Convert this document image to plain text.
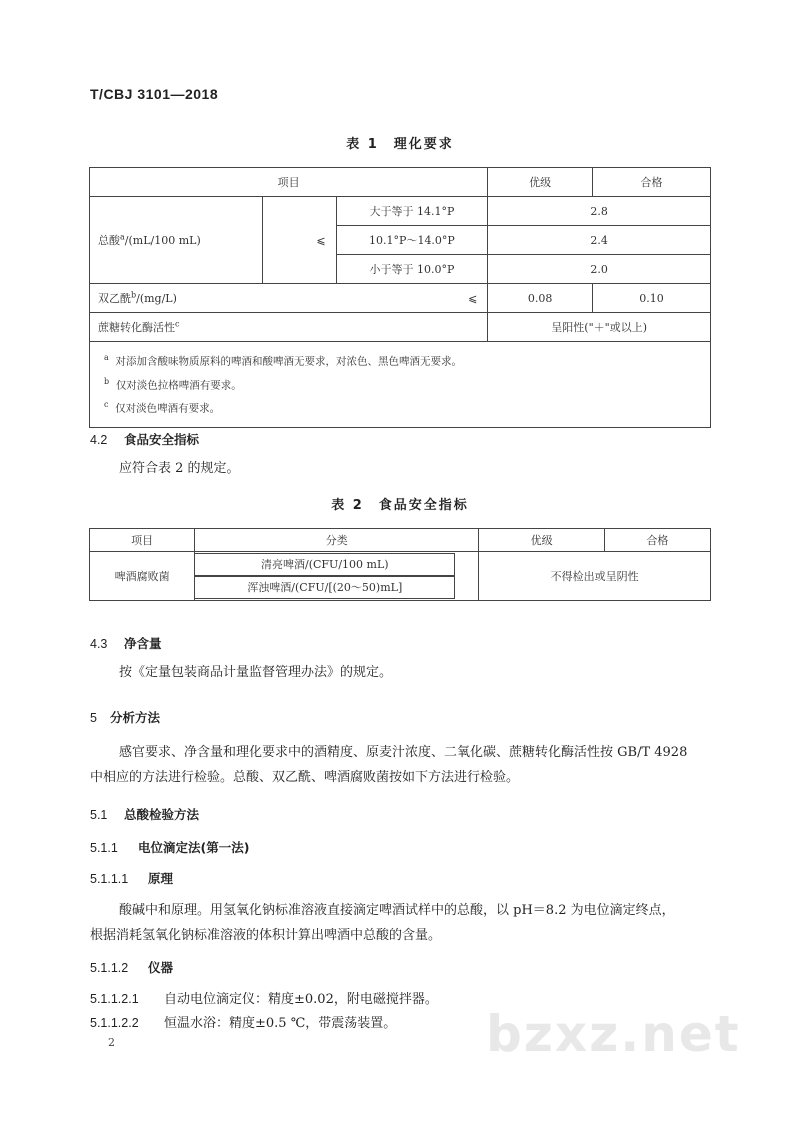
T/CBJ 3101—2018
表 1　理化要求
项目			优级	合格
总酸$^a$/(mL/100 mL)	⩽	大于等于 14.1°P	2.8	
		10.1°P～14.0°P	2.4	
		小于等于 10.0°P	2.0	
双乙酰$^b$/(mg/L)		⩽	0.08	0.10
蔗糖转化酶活性$^c$			呈阳性("＋"或以上)	

$^a$ 对添加含酸味物质原料的啤酒和酸啤酒无要求，对浓色、黑色啤酒无要求。
$^b$ 仅对淡色拉格啤酒有要求。
$^c$ 仅对淡色啤酒有要求。				
4.2 食品安全指标
应符合表 2 的规定。
表 2　食品安全指标
项目	分类	优级	合格
啤酒腐败菌	清亮啤酒/(CFU/100 mL)
浑浊啤酒/(CFU/[(20～50)mL]	不得检出或呈阴性	
4.3 净含量
按《定量包装商品计量监督管理办法》的规定。
5 分析方法
感官要求、净含量和理化要求中的酒精度、原麦汁浓度、二氧化碳、蔗糖转化酶活性按 GB/T 4928
中相应的方法进行检验。总酸、双乙酰、啤酒腐败菌按如下方法进行检验。
5.1 总酸检验方法
5.1.1 电位滴定法(第一法)
5.1.1.1 原理
酸碱中和原理。用氢氧化钠标准溶液直接滴定啤酒试样中的总酸，以 pH＝8.2 为电位滴定终点，
根据消耗氢氧化钠标准溶液的体积计算出啤酒中总酸的含量。
5.1.1.2 仪器
5.1.1.2.1 自动电位滴定仪：精度±0.02，附电磁搅拌器。
5.1.1.2.2 恒温水浴：精度±0.5 ℃，带震荡装置。 bzxz.net
2
